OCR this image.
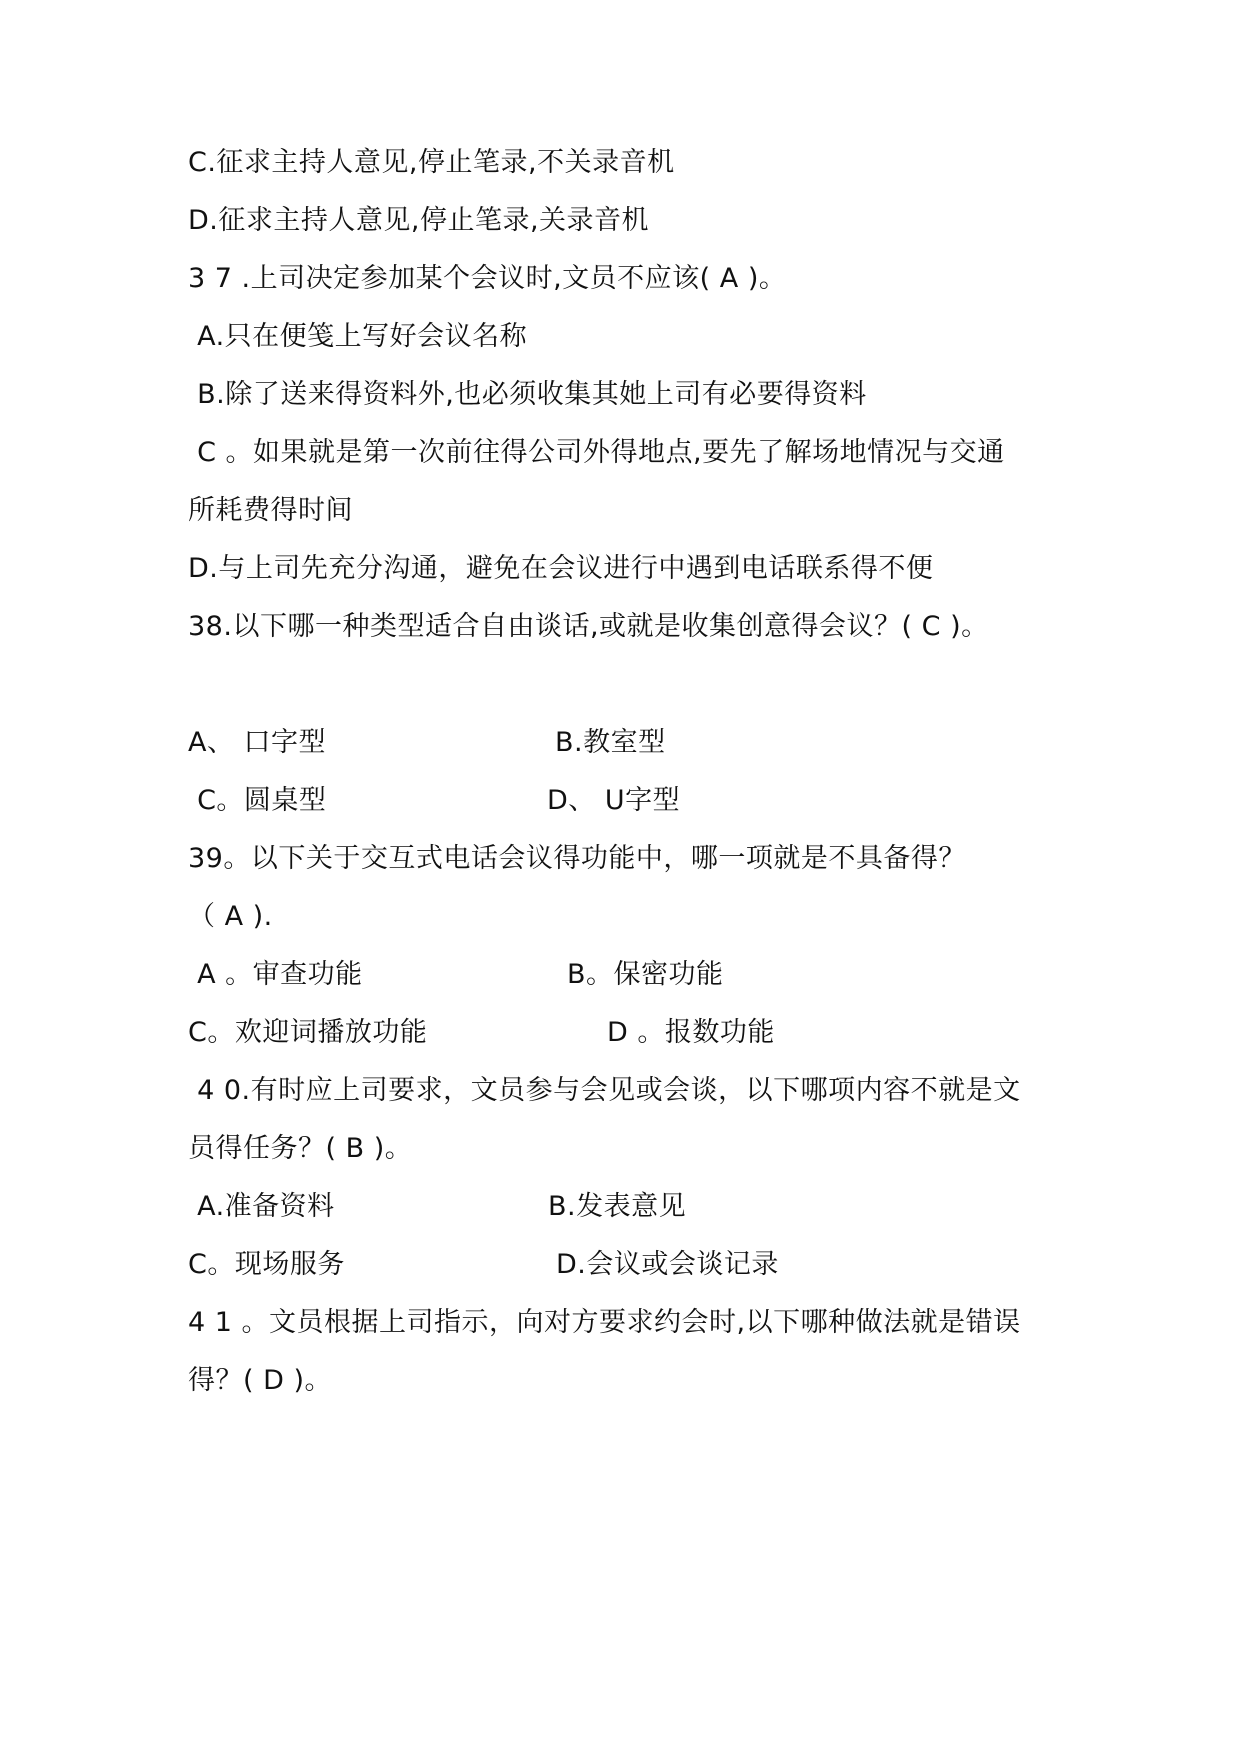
C.征求主持人意见,停止笔录,不关录音机
D.征求主持人意见,停止笔录,关录音机
3 7 .上司决定参加某个会议时,文员不应该( A )。
A.只在便笺上写好会议名称
B.除了送来得资料外,也必须收集其她上司有必要得资料
C 。如果就是第一次前往得公司外得地点,要先了解场地情况与交通
所耗费得时间
D.与上司先充分沟通，避免在会议进行中遇到电话联系得不便
38.以下哪一种类型适合自由谈话,或就是收集创意得会议？( C )。
A、 口字型	B.教室型
C。圆桌型	D、 U字型
39。以下关于交互式电话会议得功能中，哪一项就是不具备得？
（ A ).
A 。审查功能	B。保密功能
C。欢迎词播放功能	D 。报数功能
4 0.有时应上司要求，文员参与会见或会谈，以下哪项内容不就是文
员得任务？( B )。
A.准备资料	B.发表意见
C。现场服务	D.会议或会谈记录
4 1 。文员根据上司指示，向对方要求约会时,以下哪种做法就是错误
得？( D )。
